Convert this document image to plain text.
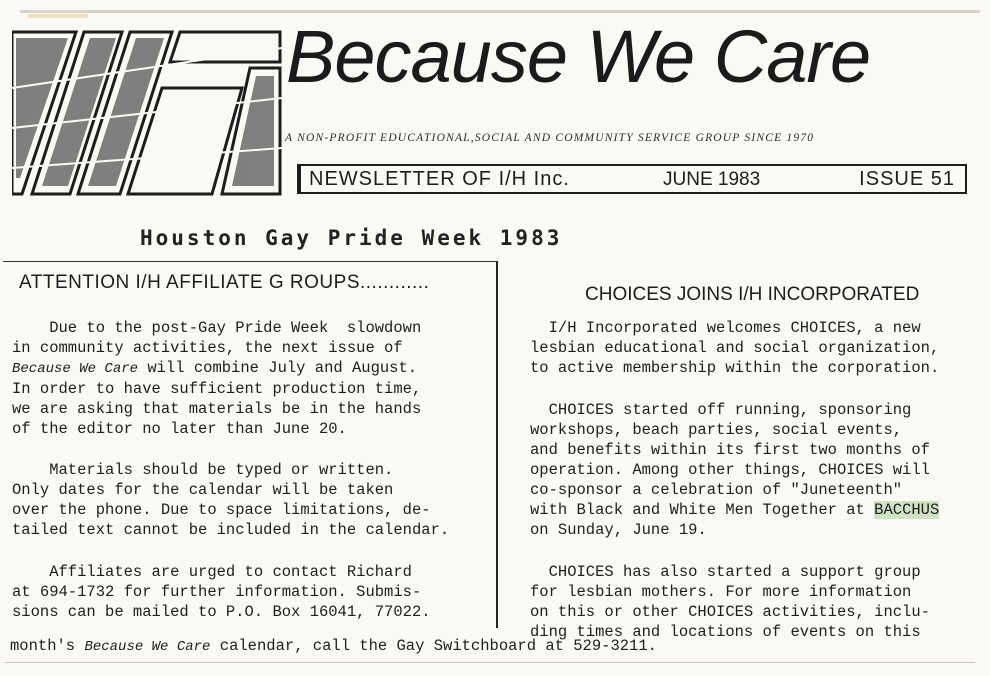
Because We Care
A NON-PROFIT EDUCATIONAL,SOCIAL AND COMMUNITY SERVICE GROUP SINCE 1970
NEWSLETTER OF I/H Inc.	JUNE 1983	ISSUE 51
Houston Gay Pride Week 1983
ATTENTION I/H AFFILIATE G ROUPS............
Due to the post-Gay Pride Week  slowdown
in community activities, the next issue of
Because We Care will combine July and August.
In order to have sufficient production time,
we are asking that materials be in the hands
of the editor no later than June 20.
Materials should be typed or written.
Only dates for the calendar will be taken
over the phone. Due to space limitations, de-
tailed text cannot be included in the calendar.
Affiliates are urged to contact Richard
at 694-1732 for further information. Submis-
sions can be mailed to P.O. Box 16041, 77022.
CHOICES JOINS I/H INCORPORATED
I/H Incorporated welcomes CHOICES, a new
lesbian educational and social organization,
to active membership within the corporation.
CHOICES started off running, sponsoring
workshops, beach parties, social events,
and benefits within its first two months of
operation. Among other things, CHOICES will
co-sponsor a celebration of "Juneteenth"
with Black and White Men Together at BACCHUS
on Sunday, June 19.
CHOICES has also started a support group
for lesbian mothers. For more information
on this or other CHOICES activities, inclu-
ding times and locations of events on this
month's Because We Care calendar, call the Gay Switchboard at 529-3211.
